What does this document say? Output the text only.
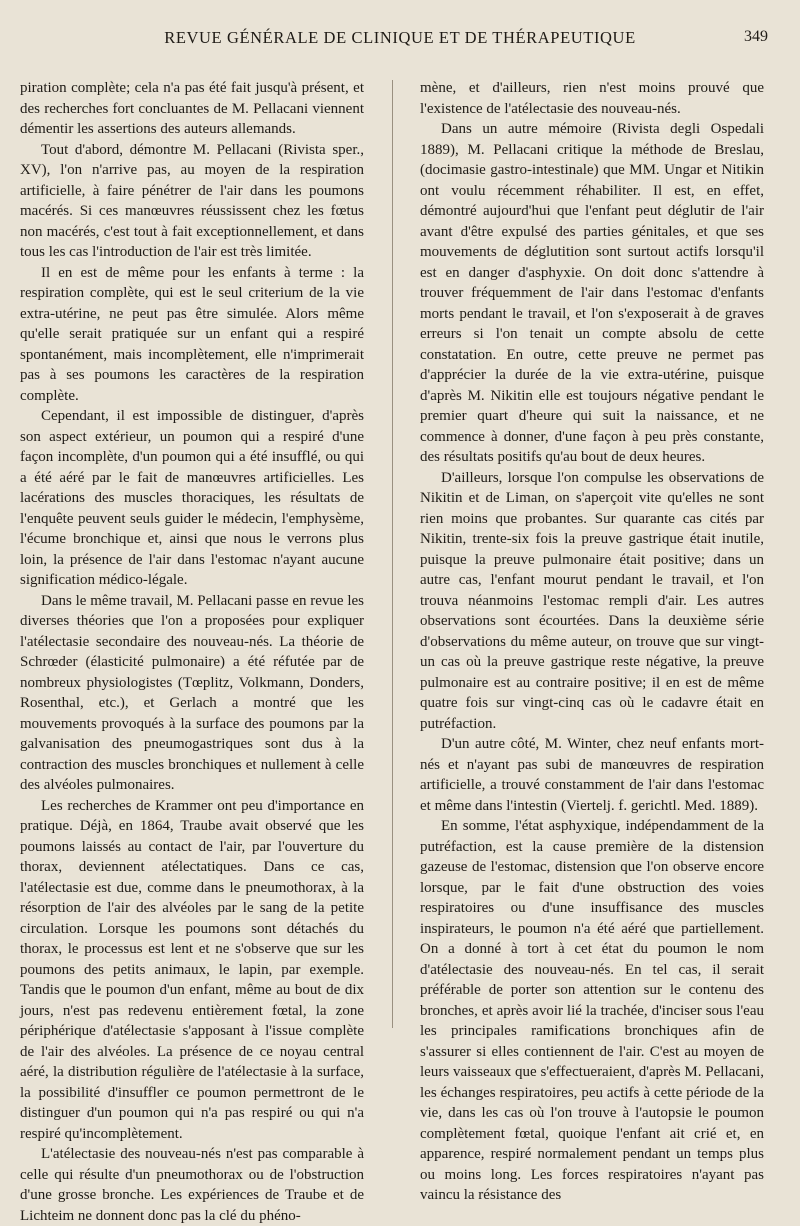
REVUE GÉNÉRALE DE CLINIQUE ET DE THÉRAPEUTIQUE	349

piration complète; cela n'a pas été fait jusqu'à présent, et des recherches fort concluantes de M. Pellacani viennent démentir les assertions des auteurs allemands.

Tout d'abord, démontre M. Pellacani (Rivista sper., XV), l'on n'arrive pas, au moyen de la respiration artificielle, à faire pénétrer de l'air dans les poumons macérés. Si ces manœuvres réussissent chez les fœtus non macérés, c'est tout à fait exceptionnellement, et dans tous les cas l'introduction de l'air est très limitée.

Il en est de même pour les enfants à terme : la respiration complète, qui est le seul criterium de la vie extra-utérine, ne peut pas être simulée. Alors même qu'elle serait pratiquée sur un enfant qui a respiré spontanément, mais incomplètement, elle n'imprimerait pas à ses poumons les caractères de la respiration complète.

Cependant, il est impossible de distinguer, d'après son aspect extérieur, un poumon qui a respiré d'une façon incomplète, d'un poumon qui a été insufflé, ou qui a été aéré par le fait de manœuvres artificielles. Les lacérations des muscles thoraciques, les résultats de l'enquête peuvent seuls guider le médecin, l'emphysème, l'écume bronchique et, ainsi que nous le verrons plus loin, la présence de l'air dans l'estomac n'ayant aucune signification médico-légale.

Dans le même travail, M. Pellacani passe en revue les diverses théories que l'on a proposées pour expliquer l'atélectasie secondaire des nouveau-nés. La théorie de Schrœder (élasticité pulmonaire) a été réfutée par de nombreux physiologistes (Tœplitz, Volkmann, Donders, Rosenthal, etc.), et Gerlach a montré que les mouvements provoqués à la surface des poumons par la galvanisation des pneumogastriques sont dus à la contraction des muscles bronchiques et nullement à celle des alvéoles pulmonaires.

Les recherches de Krammer ont peu d'importance en pratique. Déjà, en 1864, Traube avait observé que les poumons laissés au contact de l'air, par l'ouverture du thorax, deviennent atélectatiques. Dans ce cas, l'atélectasie est due, comme dans le pneumothorax, à la résorption de l'air des alvéoles par le sang de la petite circulation. Lorsque les poumons sont détachés du thorax, le processus est lent et ne s'observe que sur les poumons des petits animaux, le lapin, par exemple. Tandis que le poumon d'un enfant, même au bout de dix jours, n'est pas redevenu entièrement fœtal, la zone périphérique d'atélectasie s'apposant à l'issue complète de l'air des alvéoles. La présence de ce noyau central aéré, la distribution régulière de l'atélectasie à la surface, la possibilité d'insuffler ce poumon permettront de le distinguer d'un poumon qui n'a pas respiré ou qui n'a respiré qu'incomplètement.

L'atélectasie des nouveau-nés n'est pas comparable à celle qui résulte d'un pneumothorax ou de l'obstruction d'une grosse bronche. Les expériences de Traube et de Lichteim ne donnent donc pas la clé du phéno-

mène, et d'ailleurs, rien n'est moins prouvé que l'existence de l'atélectasie des nouveau-nés.

Dans un autre mémoire (Rivista degli Ospedali 1889), M. Pellacani critique la méthode de Breslau, (docimasie gastro-intestinale) que MM. Ungar et Nitikin ont voulu récemment réhabiliter. Il est, en effet, démontré aujourd'hui que l'enfant peut déglutir de l'air avant d'être expulsé des parties génitales, et que ses mouvements de déglutition sont surtout actifs lorsqu'il est en danger d'asphyxie. On doit donc s'attendre à trouver fréquemment de l'air dans l'estomac d'enfants morts pendant le travail, et l'on s'exposerait à de graves erreurs si l'on tenait un compte absolu de cette constatation. En outre, cette preuve ne permet pas d'apprécier la durée de la vie extra-utérine, puisque d'après M. Nikitin elle est toujours négative pendant le premier quart d'heure qui suit la naissance, et ne commence à donner, d'une façon à peu près constante, des résultats positifs qu'au bout de deux heures.

D'ailleurs, lorsque l'on compulse les observations de Nikitin et de Liman, on s'aperçoit vite qu'elles ne sont rien moins que probantes. Sur quarante cas cités par Nikitin, trente-six fois la preuve gastrique était inutile, puisque la preuve pulmonaire était positive; dans un autre cas, l'enfant mourut pendant le travail, et l'on trouva néanmoins l'estomac rempli d'air. Les autres observations sont écourtées. Dans la deuxième série d'observations du même auteur, on trouve que sur vingt-un cas où la preuve gastrique reste négative, la preuve pulmonaire est au contraire positive; il en est de même quatre fois sur vingt-cinq cas où le cadavre était en putréfaction.

D'un autre côté, M. Winter, chez neuf enfants mort-nés et n'ayant pas subi de manœuvres de respiration artificielle, a trouvé constamment de l'air dans l'estomac et même dans l'intestin (Viertelj. f. gerichtl. Med. 1889).

En somme, l'état asphyxique, indépendamment de la putréfaction, est la cause première de la distension gazeuse de l'estomac, distension que l'on observe encore lorsque, par le fait d'une obstruction des voies respiratoires ou d'une insuffisance des muscles inspirateurs, le poumon n'a été aéré que partiellement. On a donné à tort à cet état du poumon le nom d'atélectasie des nouveau-nés. En tel cas, il serait préférable de porter son attention sur le contenu des bronches, et après avoir lié la trachée, d'inciser sous l'eau les principales ramifications bronchiques afin de s'assurer si elles contiennent de l'air. C'est au moyen de leurs vaisseaux que s'effectueraient, d'après M. Pellacani, les échanges respiratoires, peu actifs à cette période de la vie, dans les cas où l'on trouve à l'autopsie le poumon complètement fœtal, quoique l'enfant ait crié et, en apparence, respiré normalement pendant un temps plus ou moins long. Les forces respiratoires n'ayant pas vaincu la résistance des
